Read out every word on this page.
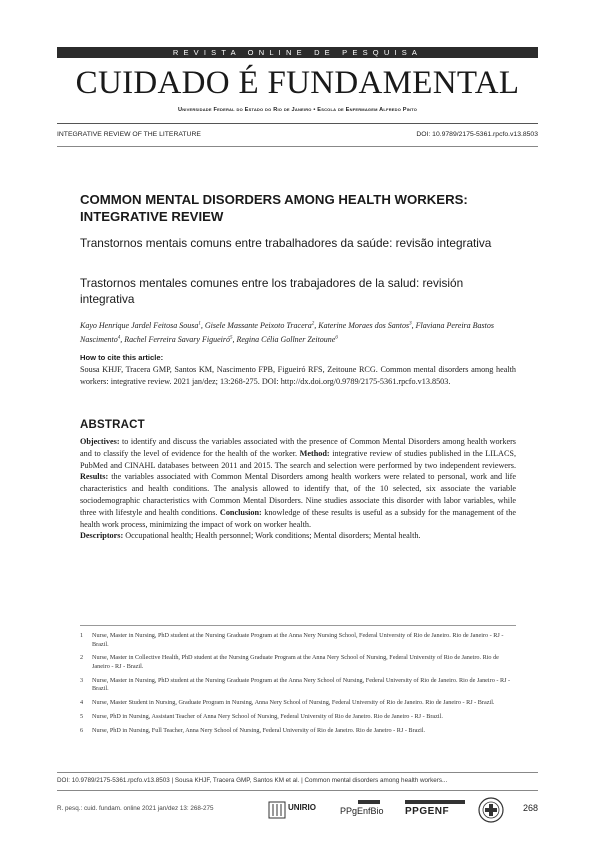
REVISTA ONLINE DE PESQUISA
CUIDADO É FUNDAMENTAL
Universidade Federal do Estado do Rio de Janeiro • Escola de Enfermagem Alfredo Pinto
INTEGRATIVE REVIEW OF THE LITERATURE	DOI: 10.9789/2175-5361.rpcfo.v13.8503
COMMON MENTAL DISORDERS AMONG HEALTH WORKERS: INTEGRATIVE REVIEW
Transtornos mentais comuns entre trabalhadores da saúde: revisão integrativa
Trastornos mentales comunes entre los trabajadores de la salud: revisión integrativa
Kayo Henrique Jardel Feitosa Sousa$^1$, Gisele Massante Peixoto Tracera$^2$, Katerine Moraes dos Santos$^3$, Flaviana Pereira Bastos Nascimento$^4$, Rachel Ferreira Savary Figueiró$^5$, Regina Célia Gollner Zeitoune$^6$
How to cite this article:
Sousa KHJF, Tracera GMP, Santos KM, Nascimento FPB, Figueiró RFS, Zeitoune RCG. Common mental disorders among health workers: integrative review. 2021 jan/dez; 13:268-275. DOI: http://dx.doi.org/0.9789/2175-5361.rpcfo.v13.8503.
ABSTRACT
Objectives: to identify and discuss the variables associated with the presence of Common Mental Disorders among health workers and to classify the level of evidence for the health of the worker. Method: integrative review of studies published in the LILACS, PubMed and CINAHL databases between 2011 and 2015. The search and selection were performed by two independent reviewers. Results: the variables associated with Common Mental Disorders among health workers were related to personal, work and life characteristics and health conditions. The analysis allowed to identify that, of the 10 selected, six associate the variable sociodemographic characteristics with Common Mental Disorders. Nine studies associate this disorder with labor variables, while three with lifestyle and health conditions. Conclusion: knowledge of these results is useful as a subsidy for the management of the health work process, minimizing the impact of work on worker health.
Descriptors: Occupational health; Health personnel; Work conditions; Mental disorders; Mental health.
1 Nurse, Master in Nursing, PhD student at the Nursing Graduate Program at the Anna Nery Nursing School, Federal University of Rio de Janeiro. Rio de Janeiro - RJ - Brazil.
2 Nurse, Master in Collective Health, PhD student at the Nursing Graduate Program at the Anna Nery School of Nursing, Federal University of Rio de Janeiro. Rio de Janeiro - RJ - Brazil.
3 Nurse, Master in Nursing, PhD student at the Nursing Graduate Program at the Anna Nery School of Nursing, Federal University of Rio de Janeiro. Rio de Janeiro - RJ - Brazil.
4 Nurse, Master Student in Nursing, Graduate Program in Nursing, Anna Nery School of Nursing, Federal University of Rio de Janeiro. Rio de Janeiro - RJ - Brazil.
5 Nurse, PhD in Nursing, Assistant Teacher of Anna Nery School of Nursing, Federal University of Rio de Janeiro. Rio de Janeiro - RJ - Brazil.
6 Nurse, PhD in Nursing, Full Teacher, Anna Nery School of Nursing, Federal University of Rio de Janeiro. Rio de Janeiro - RJ - Brazil.
DOI: 10.9789/2175-5361.rpcfo.v13.8503 | Sousa KHJF, Tracera GMP, Santos KM et al. | Common mental disorders among health workers...
R. pesq.: cuid. fundam. online 2021 jan/dez 13: 268-275	UNIRIO	PPgEnfBio PPGENF	268
